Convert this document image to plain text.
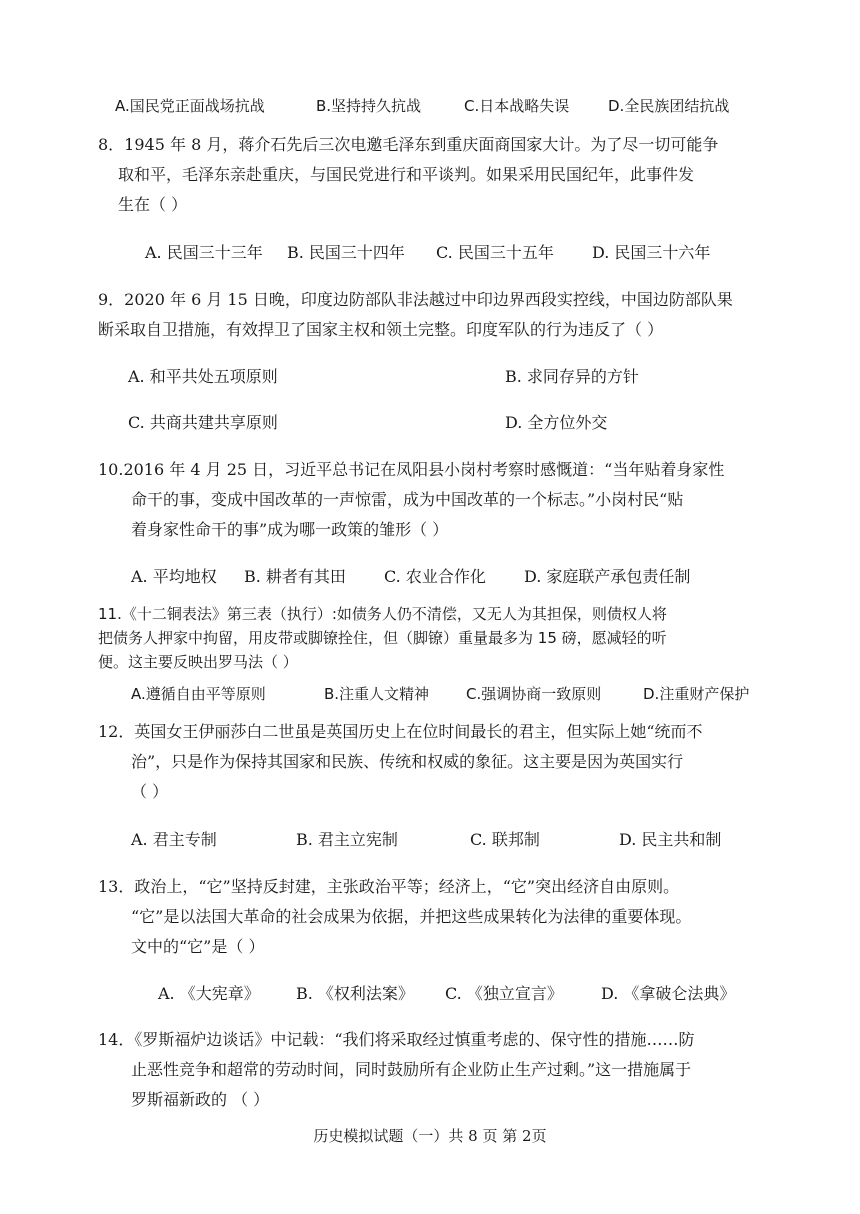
A.国民党正面战场抗战	B.坚持持久抗战	C.日本战略失误	D.全民族团结抗战
8．1945 年 8 月，蒋介石先后三次电邀毛泽东到重庆面商国家大计。为了尽一切可能争
取和平，毛泽东亲赴重庆，与国民党进行和平谈判。如果采用民国纪年，此事件发
生在（ ）
A. 民国三十三年 B. 民国三十四年 C. 民国三十五年 D. 民国三十六年
9．2020 年 6 月 15 日晚，印度边防部队非法越过中印边界西段实控线，中国边防部队果
断采取自卫措施，有效捍卫了国家主权和领土完整。印度军队的行为违反了（ ）
A. 和平共处五项原则	B. 求同存异的方针
C. 共商共建共享原则	D. 全方位外交
10.2016 年 4 月 25 日，习近平总书记在凤阳县小岗村考察时感慨道：“当年贴着身家性
命干的事，变成中国改革的一声惊雷，成为中国改革的一个标志。”小岗村民“贴
着身家性命干的事”成为哪一政策的雏形（ ）
A. 平均地权 B. 耕者有其田 C. 农业合作化 D. 家庭联产承包责任制
11.《十二铜表法》第三表（执行）:如债务人仍不清偿，又无人为其担保，则债权人将
把债务人押家中拘留，用皮带或脚镣拴住，但（脚镣）重量最多为 15 磅，愿减轻的听
便。这主要反映出罗马法（ ）
A.遵循自由平等原则	B.注重人文精神 C.强调协商一致原则	D.注重财产保护
12．英国女王伊丽莎白二世虽是英国历史上在位时间最长的君主，但实际上她“统而不
治”，只是作为保持其国家和民族、传统和权威的象征。这主要是因为英国实行
（ ）
A. 君主专制	B. 君主立宪制	C. 联邦制	D. 民主共和制
13．政治上，“它”坚持反封建，主张政治平等；经济上，“它”突出经济自由原则。
“它”是以法国大革命的社会成果为依据，并把这些成果转化为法律的重要体现。
文中的“它”是（ ）
A. 《大宪章》 B. 《权利法案》 C. 《独立宣言》 D. 《拿破仑法典》
14．《罗斯福炉边谈话》中记载：“我们将采取经过慎重考虑的、保守性的措施……防
止恶性竞争和超常的劳动时间，同时鼓励所有企业防止生产过剩。”这一措施属于
罗斯福新政的 （ ）
历史模拟试题（一）共 8 页 第 2页
